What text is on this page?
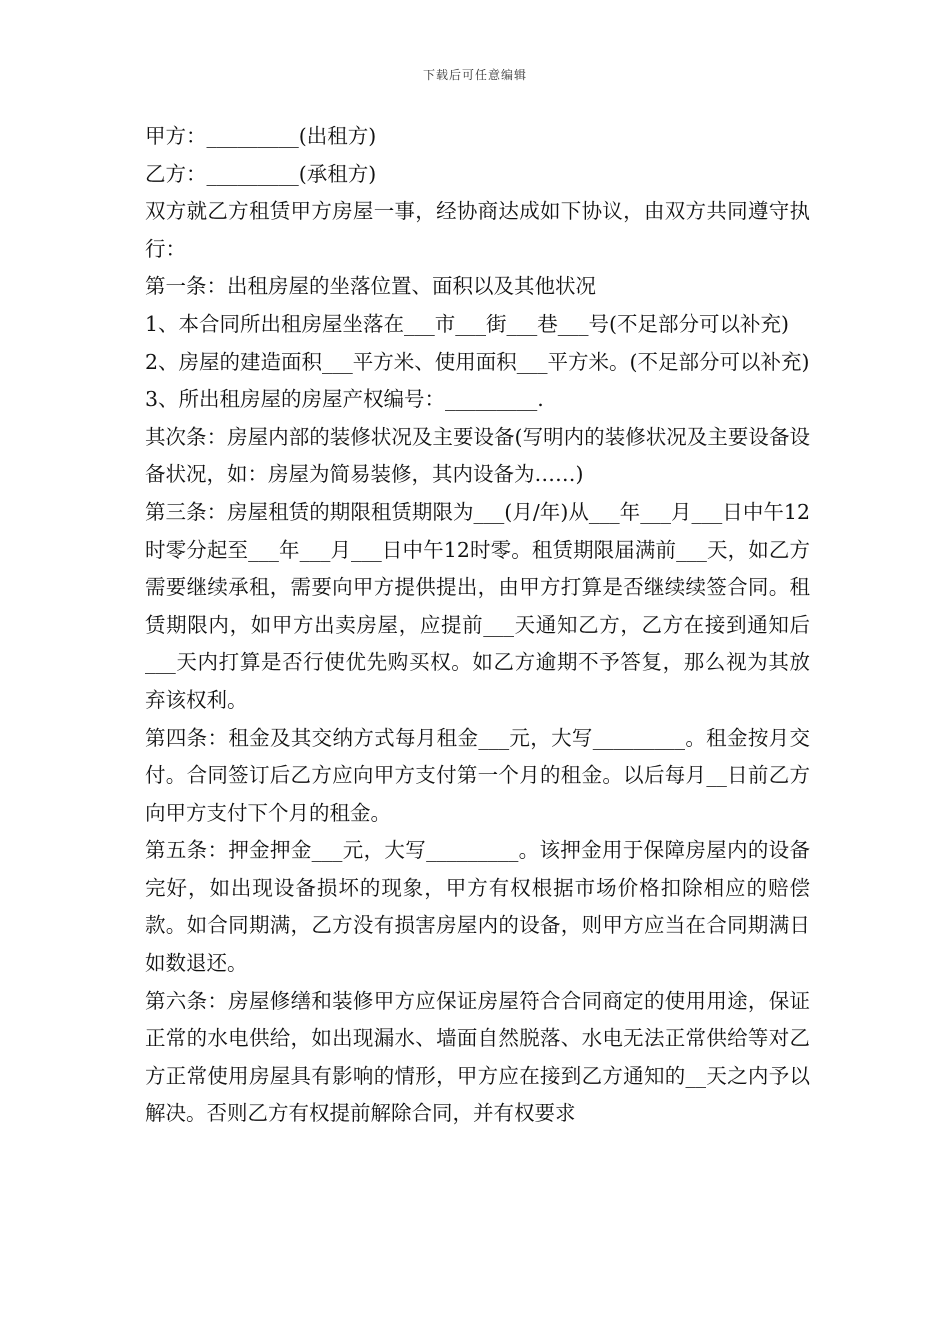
下载后可任意编辑

甲方：_________(出租方)

乙方：_________(承租方)

双方就乙方租赁甲方房屋一事，经协商达成如下协议，由双方共同遵守执行：

第一条：出租房屋的坐落位置、面积以及其他状况

1、本合同所出租房屋坐落在___市___街___巷___号(不足部分可以补充)

2、房屋的建造面积___平方米、使用面积___平方米。(不足部分可以补充)

3、所出租房屋的房屋产权编号：_________.

其次条：房屋内部的装修状况及主要设备(写明内的装修状况及主要设备设备状况，如：房屋为简易装修，其内设备为……)

第三条：房屋租赁的期限租赁期限为___(月/年)从___年___月___日中午12时零分起至___年___月___日中午12时零。租赁期限届满前___天，如乙方需要继续承租，需要向甲方提供提出，由甲方打算是否继续续签合同。租赁期限内，如甲方出卖房屋，应提前___天通知乙方，乙方在接到通知后___天内打算是否行使优先购买权。如乙方逾期不予答复，那么视为其放弃该权利。

第四条：租金及其交纳方式每月租金___元，大写_________。租金按月交付。合同签订后乙方应向甲方支付第一个月的租金。以后每月__日前乙方向甲方支付下个月的租金。

第五条：押金押金___元，大写_________。该押金用于保障房屋内的设备完好，如出现设备损坏的现象，甲方有权根据市场价格扣除相应的赔偿款。如合同期满，乙方没有损害房屋内的设备，则甲方应当在合同期满日如数退还。

第六条：房屋修缮和装修甲方应保证房屋符合合同商定的使用用途，保证正常的水电供给，如出现漏水、墙面自然脱落、水电无法正常供给等对乙方正常使用房屋具有影响的情形，甲方应在接到乙方通知的__天之内予以解决。否则乙方有权提前解除合同，并有权要求
